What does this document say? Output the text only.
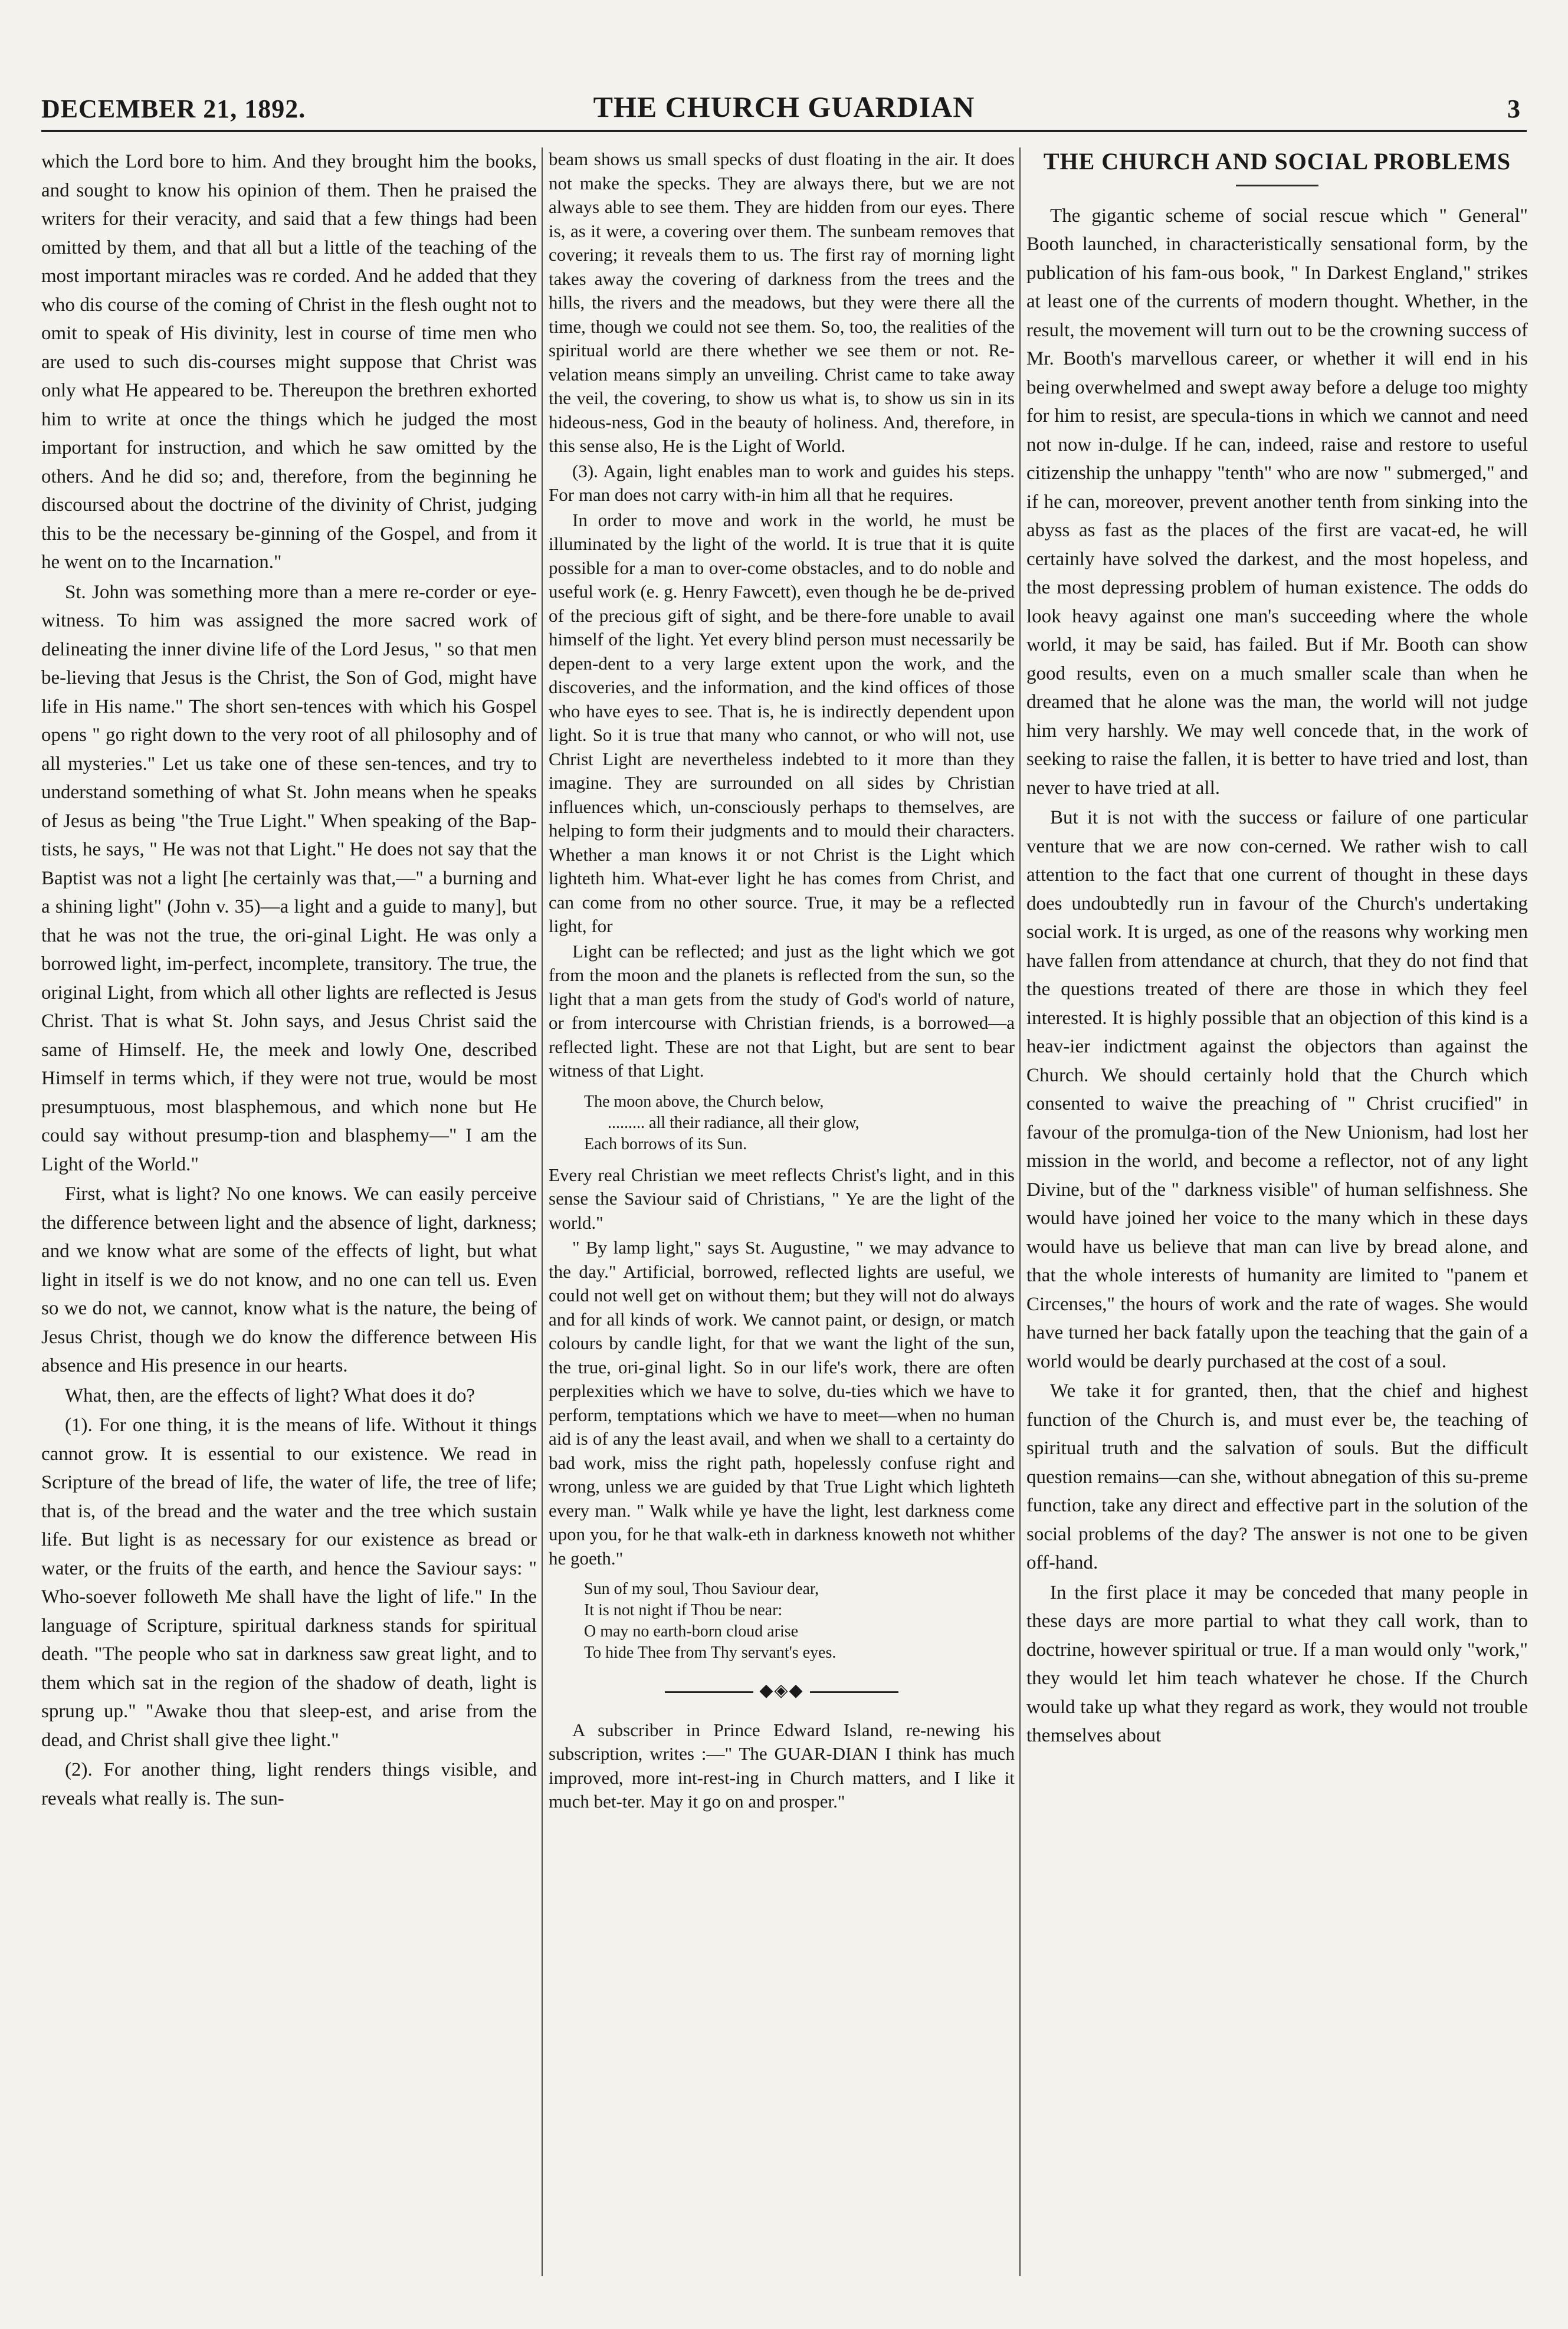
DECEMBER 21, 1892.	THE CHURCH GUARDIAN	3

which the Lord bore to him. And they brought him the books, and sought to know his opinion of them. Then he praised the writers for their veracity, and said that a few things had been omitted by them, and that all but a little of the teaching of the most important miracles was re corded. And he added that they who dis course of the coming of Christ in the flesh ought not to omit to speak of His divinity, lest in course of time men who are used to such dis-courses might suppose that Christ was only what He appeared to be. Thereupon the brethren exhorted him to write at once the things which he judged the most important for instruction, and which he saw omitted by the others. And he did so; and, therefore, from the beginning he discoursed about the doctrine of the divinity of Christ, judging this to be the necessary be-ginning of the Gospel, and from it he went on to the Incarnation."

St. John was something more than a mere re-corder or eye-witness. To him was assigned the more sacred work of delineating the inner divine life of the Lord Jesus, " so that men be-lieving that Jesus is the Christ, the Son of God, might have life in His name." The short sen-tences with which his Gospel opens " go right down to the very root of all philosophy and of all mysteries." Let us take one of these sen-tences, and try to understand something of what St. John means when he speaks of Jesus as being "the True Light." When speaking of the Bap-tists, he says, " He was not that Light." He does not say that the Baptist was not a light [he certainly was that,—" a burning and a shining light" (John v. 35)—a light and a guide to many], but that he was not the true, the ori-ginal Light. He was only a borrowed light, im-perfect, incomplete, transitory. The true, the original Light, from which all other lights are reflected is Jesus Christ. That is what St. John says, and Jesus Christ said the same of Himself. He, the meek and lowly One, described Himself in terms which, if they were not true, would be most presumptuous, most blasphemous, and which none but He could say without presump-tion and blasphemy—" I am the Light of the World."

First, what is light? No one knows. We can easily perceive the difference between light and the absence of light, darkness; and we know what are some of the effects of light, but what light in itself is we do not know, and no one can tell us. Even so we do not, we cannot, know what is the nature, the being of Jesus Christ, though we do know the difference between His absence and His presence in our hearts.

What, then, are the effects of light? What does it do?

(1). For one thing, it is the means of life. Without it things cannot grow. It is essential to our existence. We read in Scripture of the bread of life, the water of life, the tree of life; that is, of the bread and the water and the tree which sustain life. But light is as necessary for our existence as bread or water, or the fruits of the earth, and hence the Saviour says: " Who-soever followeth Me shall have the light of life." In the language of Scripture, spiritual darkness stands for spiritual death. "The people who sat in darkness saw great light, and to them which sat in the region of the shadow of death, light is sprung up." "Awake thou that sleep-est, and arise from the dead, and Christ shall give thee light."

(2). For another thing, light renders things visible, and reveals what really is. The sun-

beam shows us small specks of dust floating in the air. It does not make the specks. They are always there, but we are not always able to see them. They are hidden from our eyes. There is, as it were, a covering over them. The sunbeam removes that covering; it reveals them to us. The first ray of morning light takes away the covering of darkness from the trees and the hills, the rivers and the meadows, but they were there all the time, though we could not see them. So, too, the realities of the spiritual world are there whether we see them or not. Re-velation means simply an unveiling. Christ came to take away the veil, the covering, to show us what is, to show us sin in its hideous-ness, God in the beauty of holiness. And, therefore, in this sense also, He is the Light of World.

(3). Again, light enables man to work and guides his steps. For man does not carry with-in him all that he requires.

In order to move and work in the world, he must be illuminated by the light of the world. It is true that it is quite possible for a man to over-come obstacles, and to do noble and useful work (e. g. Henry Fawcett), even though he be de-prived of the precious gift of sight, and be there-fore unable to avail himself of the light. Yet every blind person must necessarily be depen-dent to a very large extent upon the work, and the discoveries, and the information, and the kind offices of those who have eyes to see. That is, he is indirectly dependent upon light. So it is true that many who cannot, or who will not, use Christ Light are nevertheless indebted to it more than they imagine. They are surrounded on all sides by Christian influences which, un-consciously perhaps to themselves, are helping to form their judgments and to mould their characters. Whether a man knows it or not Christ is the Light which lighteth him. What-ever light he has comes from Christ, and can come from no other source. True, it may be a reflected light, for

Light can be reflected; and just as the light which we got from the moon and the planets is reflected from the sun, so the light that a man gets from the study of God's world of nature, or from intercourse with Christian friends, is a borrowed—a reflected light. These are not that Light, but are sent to bear witness of that Light.

The moon above, the Church below,
......... all their radiance, all their glow,
Each borrows of its Sun.

Every real Christian we meet reflects Christ's light, and in this sense the Saviour said of Christians, " Ye are the light of the world."

" By lamp light," says St. Augustine, " we may advance to the day." Artificial, borrowed, reflected lights are useful, we could not well get on without them; but they will not do always and for all kinds of work. We cannot paint, or design, or match colours by candle light, for that we want the light of the sun, the true, ori-ginal light. So in our life's work, there are often perplexities which we have to solve, du-ties which we have to perform, temptations which we have to meet—when no human aid is of any the least avail, and when we shall to a certainty do bad work, miss the right path, hopelessly confuse right and wrong, unless we are guided by that True Light which lighteth every man. " Walk while ye have the light, lest darkness come upon you, for he that walk-eth in darkness knoweth not whither he goeth."

Sun of my soul, Thou Saviour dear,
It is not night if Thou be near:
O may no earth-born cloud arise
To hide Thee from Thy servant's eyes.
◆◈◆

A subscriber in Prince Edward Island, re-newing his subscription, writes :—" The GUAR-DIAN I think has much improved, more int-rest-ing in Church matters, and I like it much bet-ter. May it go on and prosper."

THE CHURCH AND SOCIAL PROBLEMS

The gigantic scheme of social rescue which " General" Booth launched, in characteristically sensational form, by the publication of his fam-ous book, " In Darkest England," strikes at least one of the currents of modern thought. Whether, in the result, the movement will turn out to be the crowning success of Mr. Booth's marvellous career, or whether it will end in his being overwhelmed and swept away before a deluge too mighty for him to resist, are specula-tions in which we cannot and need not now in-dulge. If he can, indeed, raise and restore to useful citizenship the unhappy "tenth" who are now " submerged," and if he can, moreover, prevent another tenth from sinking into the abyss as fast as the places of the first are vacat-ed, he will certainly have solved the darkest, and the most hopeless, and the most depressing problem of human existence. The odds do look heavy against one man's succeeding where the whole world, it may be said, has failed. But if Mr. Booth can show good results, even on a much smaller scale than when he dreamed that he alone was the man, the world will not judge him very harshly. We may well concede that, in the work of seeking to raise the fallen, it is better to have tried and lost, than never to have tried at all.

But it is not with the success or failure of one particular venture that we are now con-cerned. We rather wish to call attention to the fact that one current of thought in these days does undoubtedly run in favour of the Church's undertaking social work. It is urged, as one of the reasons why working men have fallen from attendance at church, that they do not find that the questions treated of there are those in which they feel interested. It is highly possible that an objection of this kind is a heav-ier indictment against the objectors than against the Church. We should certainly hold that the Church which consented to waive the preaching of " Christ crucified" in favour of the promulga-tion of the New Unionism, had lost her mission in the world, and become a reflector, not of any light Divine, but of the " darkness visible" of human selfishness. She would have joined her voice to the many which in these days would have us believe that man can live by bread alone, and that the whole interests of humanity are limited to "panem et Circenses," the hours of work and the rate of wages. She would have turned her back fatally upon the teaching that the gain of a world would be dearly purchased at the cost of a soul.

We take it for granted, then, that the chief and highest function of the Church is, and must ever be, the teaching of spiritual truth and the salvation of souls. But the difficult question remains—can she, without abnegation of this su-preme function, take any direct and effective part in the solution of the social problems of the day? The answer is not one to be given off-hand.

In the first place it may be conceded that many people in these days are more partial to what they call work, than to doctrine, however spiritual or true. If a man would only "work," they would let him teach whatever he chose. If the Church would take up what they regard as work, they would not trouble themselves about
